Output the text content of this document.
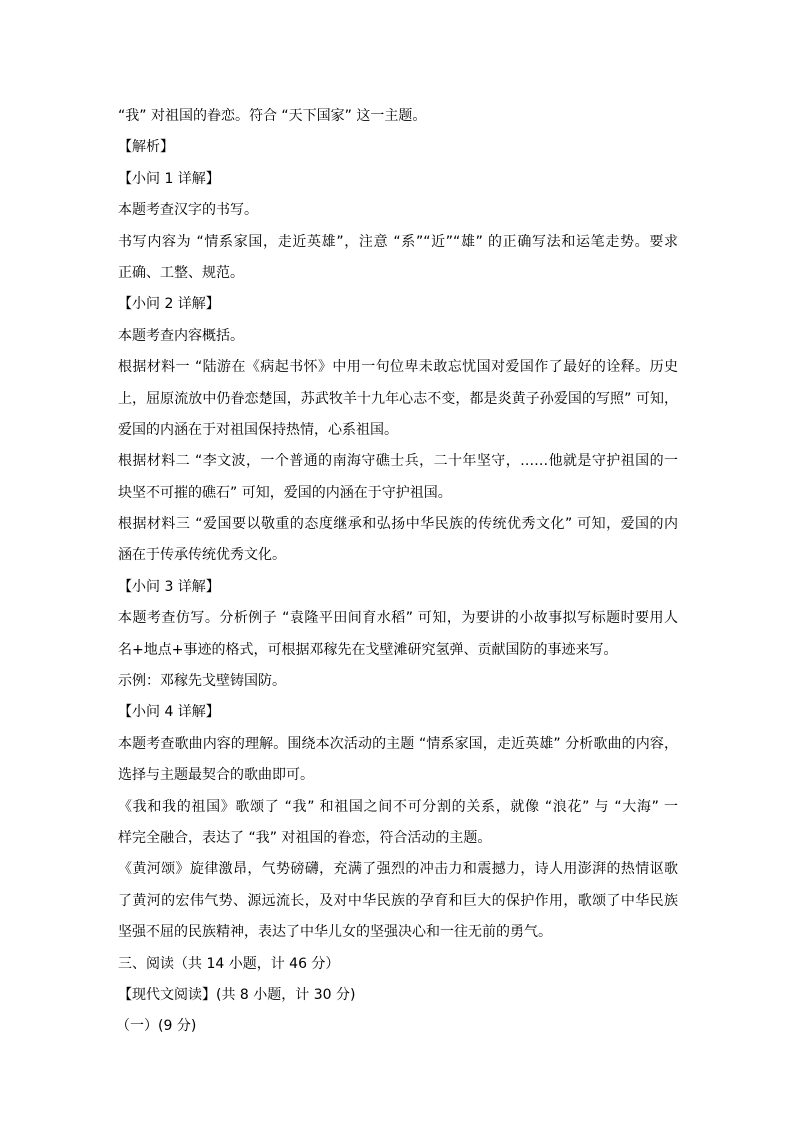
“我” 对祖国的眷恋。符合 “天下国家” 这一主题。
【解析】
【小问 1 详解】
本题考查汉字的书写。
书写内容为 “情系家国，走近英雄”，注意 “系”“近”“雄” 的正确写法和运笔走势。要求
正确、工整、规范。
【小问 2 详解】
本题考查内容概括。
根据材料一 “陆游在《病起书怀》中用一句位卑未敢忘忧国对爱国作了最好的诠释。历史
上，屈原流放中仍眷恋楚国，苏武牧羊十九年心志不变，都是炎黄子孙爱国的写照” 可知，
爱国的内涵在于对祖国保持热情，心系祖国。
根据材料二 “李文波，一个普通的南海守礁士兵，二十年坚守，……他就是守护祖国的一
块坚不可摧的礁石” 可知，爱国的内涵在于守护祖国。
根据材料三 “爱国要以敬重的态度继承和弘扬中华民族的传统优秀文化” 可知，爱国的内
涵在于传承传统优秀文化。
【小问 3 详解】
本题考查仿写。分析例子 “袁隆平田间育水稻” 可知，为要讲的小故事拟写标题时要用人
名+地点+事迹的格式，可根据邓稼先在戈壁滩研究氢弹、贡献国防的事迹来写。
示例：邓稼先戈壁铸国防。
【小问 4 详解】
本题考查歌曲内容的理解。围绕本次活动的主题 “情系家国，走近英雄” 分析歌曲的内容，
选择与主题最契合的歌曲即可。
《我和我的祖国》歌颂了 “我” 和祖国之间不可分割的关系，就像 “浪花” 与 “大海” 一
样完全融合，表达了 “我” 对祖国的眷恋，符合活动的主题。
《黄河颂》旋律激昂，气势磅礴，充满了强烈的冲击力和震撼力，诗人用澎湃的热情讴歌
了黄河的宏伟气势、源远流长，及对中华民族的孕育和巨大的保护作用，歌颂了中华民族
坚强不屈的民族精神，表达了中华儿女的坚强决心和一往无前的勇气。
三、阅读（共 14 小题，计 46 分）
【现代文阅读】(共 8 小题，计 30 分)
（一）(9 分)
